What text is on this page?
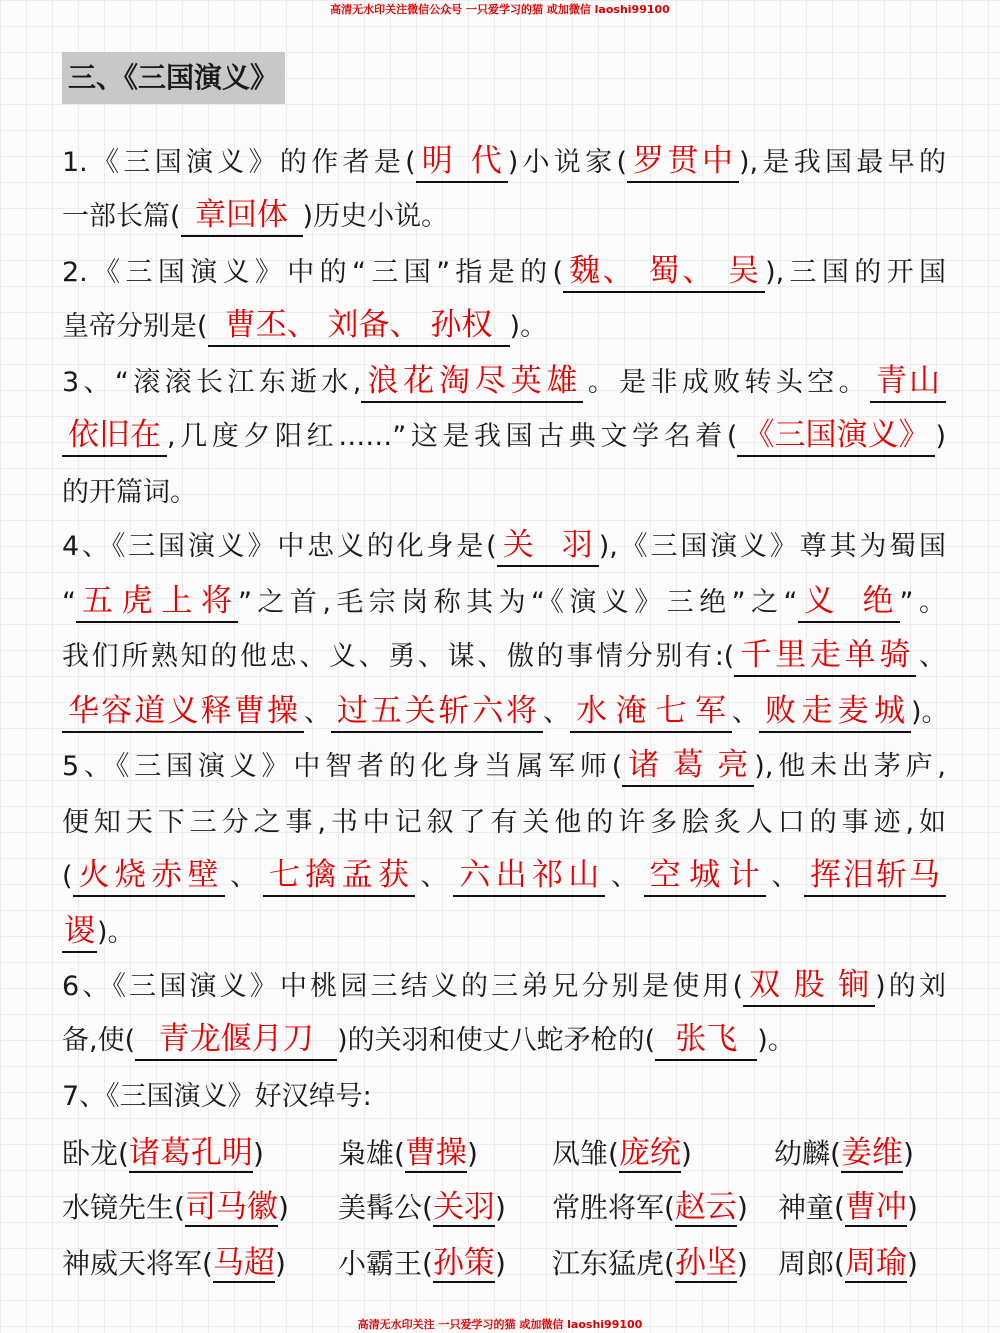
高清无水印关注微信公众号 一只爱学习的猫 或加微信 laoshi99100
三、《三国演义》
1.《三国演义》的作者是( 明代 )小说家( 罗贯中 ),是我国最早的
一部长篇( 章回体 )历史小说。
2.《三国演义》中的“三国”指是的( 魏、 蜀、 吴 ),三国的开国
皇帝分别是( 曹丕、 刘备、 孙权 )。
3、“滚滚长江东逝水, 浪花淘尽英雄 。是非成败转头空。 青山
依旧在 ,几度夕阳红……”这是我国古典文学名着( 《三国演义》 )
的开篇词。
4、《三国演义》中忠义的化身是( 关羽 ),《三国演义》尊其为蜀国
“ 五虎上将 ”之首,毛宗岗称其为“《演义》三绝”之“ 义绝 ”。
我们所熟知的他忠、义、勇、谋、傲的事情分别有:( 千里走单骑 、
华容道义释曹操 、 过五关斩六将 、 水淹七军 、 败走麦城 )。
5、《三国演义》中智者的化身当属军师( 诸葛亮 ),他未出茅庐,
便知天下三分之事,书中记叙了有关他的许多脍炙人口的事迹,如
( 火烧赤壁 、 七擒孟获 、 六出祁山 、 空城计 、 挥泪斩马
谡)。
6、《三国演义》中桃园三结义的三弟兄分别是使用( 双股锏 )的刘
备,使( 青龙偃月刀 )的关羽和使丈八蛇矛枪的( 张飞 )。
7、《三国演义》好汉绰号:
卧龙(诸葛孔明)	枭雄(曹操)	凤雏(庞统)	幼麟(姜维)
水镜先生(司马徽) 美髯公(关羽) 常胜将军(赵云) 神童(曹冲)
神威天将军(马超) 小霸王(孙策) 江东猛虎(孙坚) 周郎(周瑜)
高清无水印关注 一只爱学习的猫 或加微信 laoshi99100
